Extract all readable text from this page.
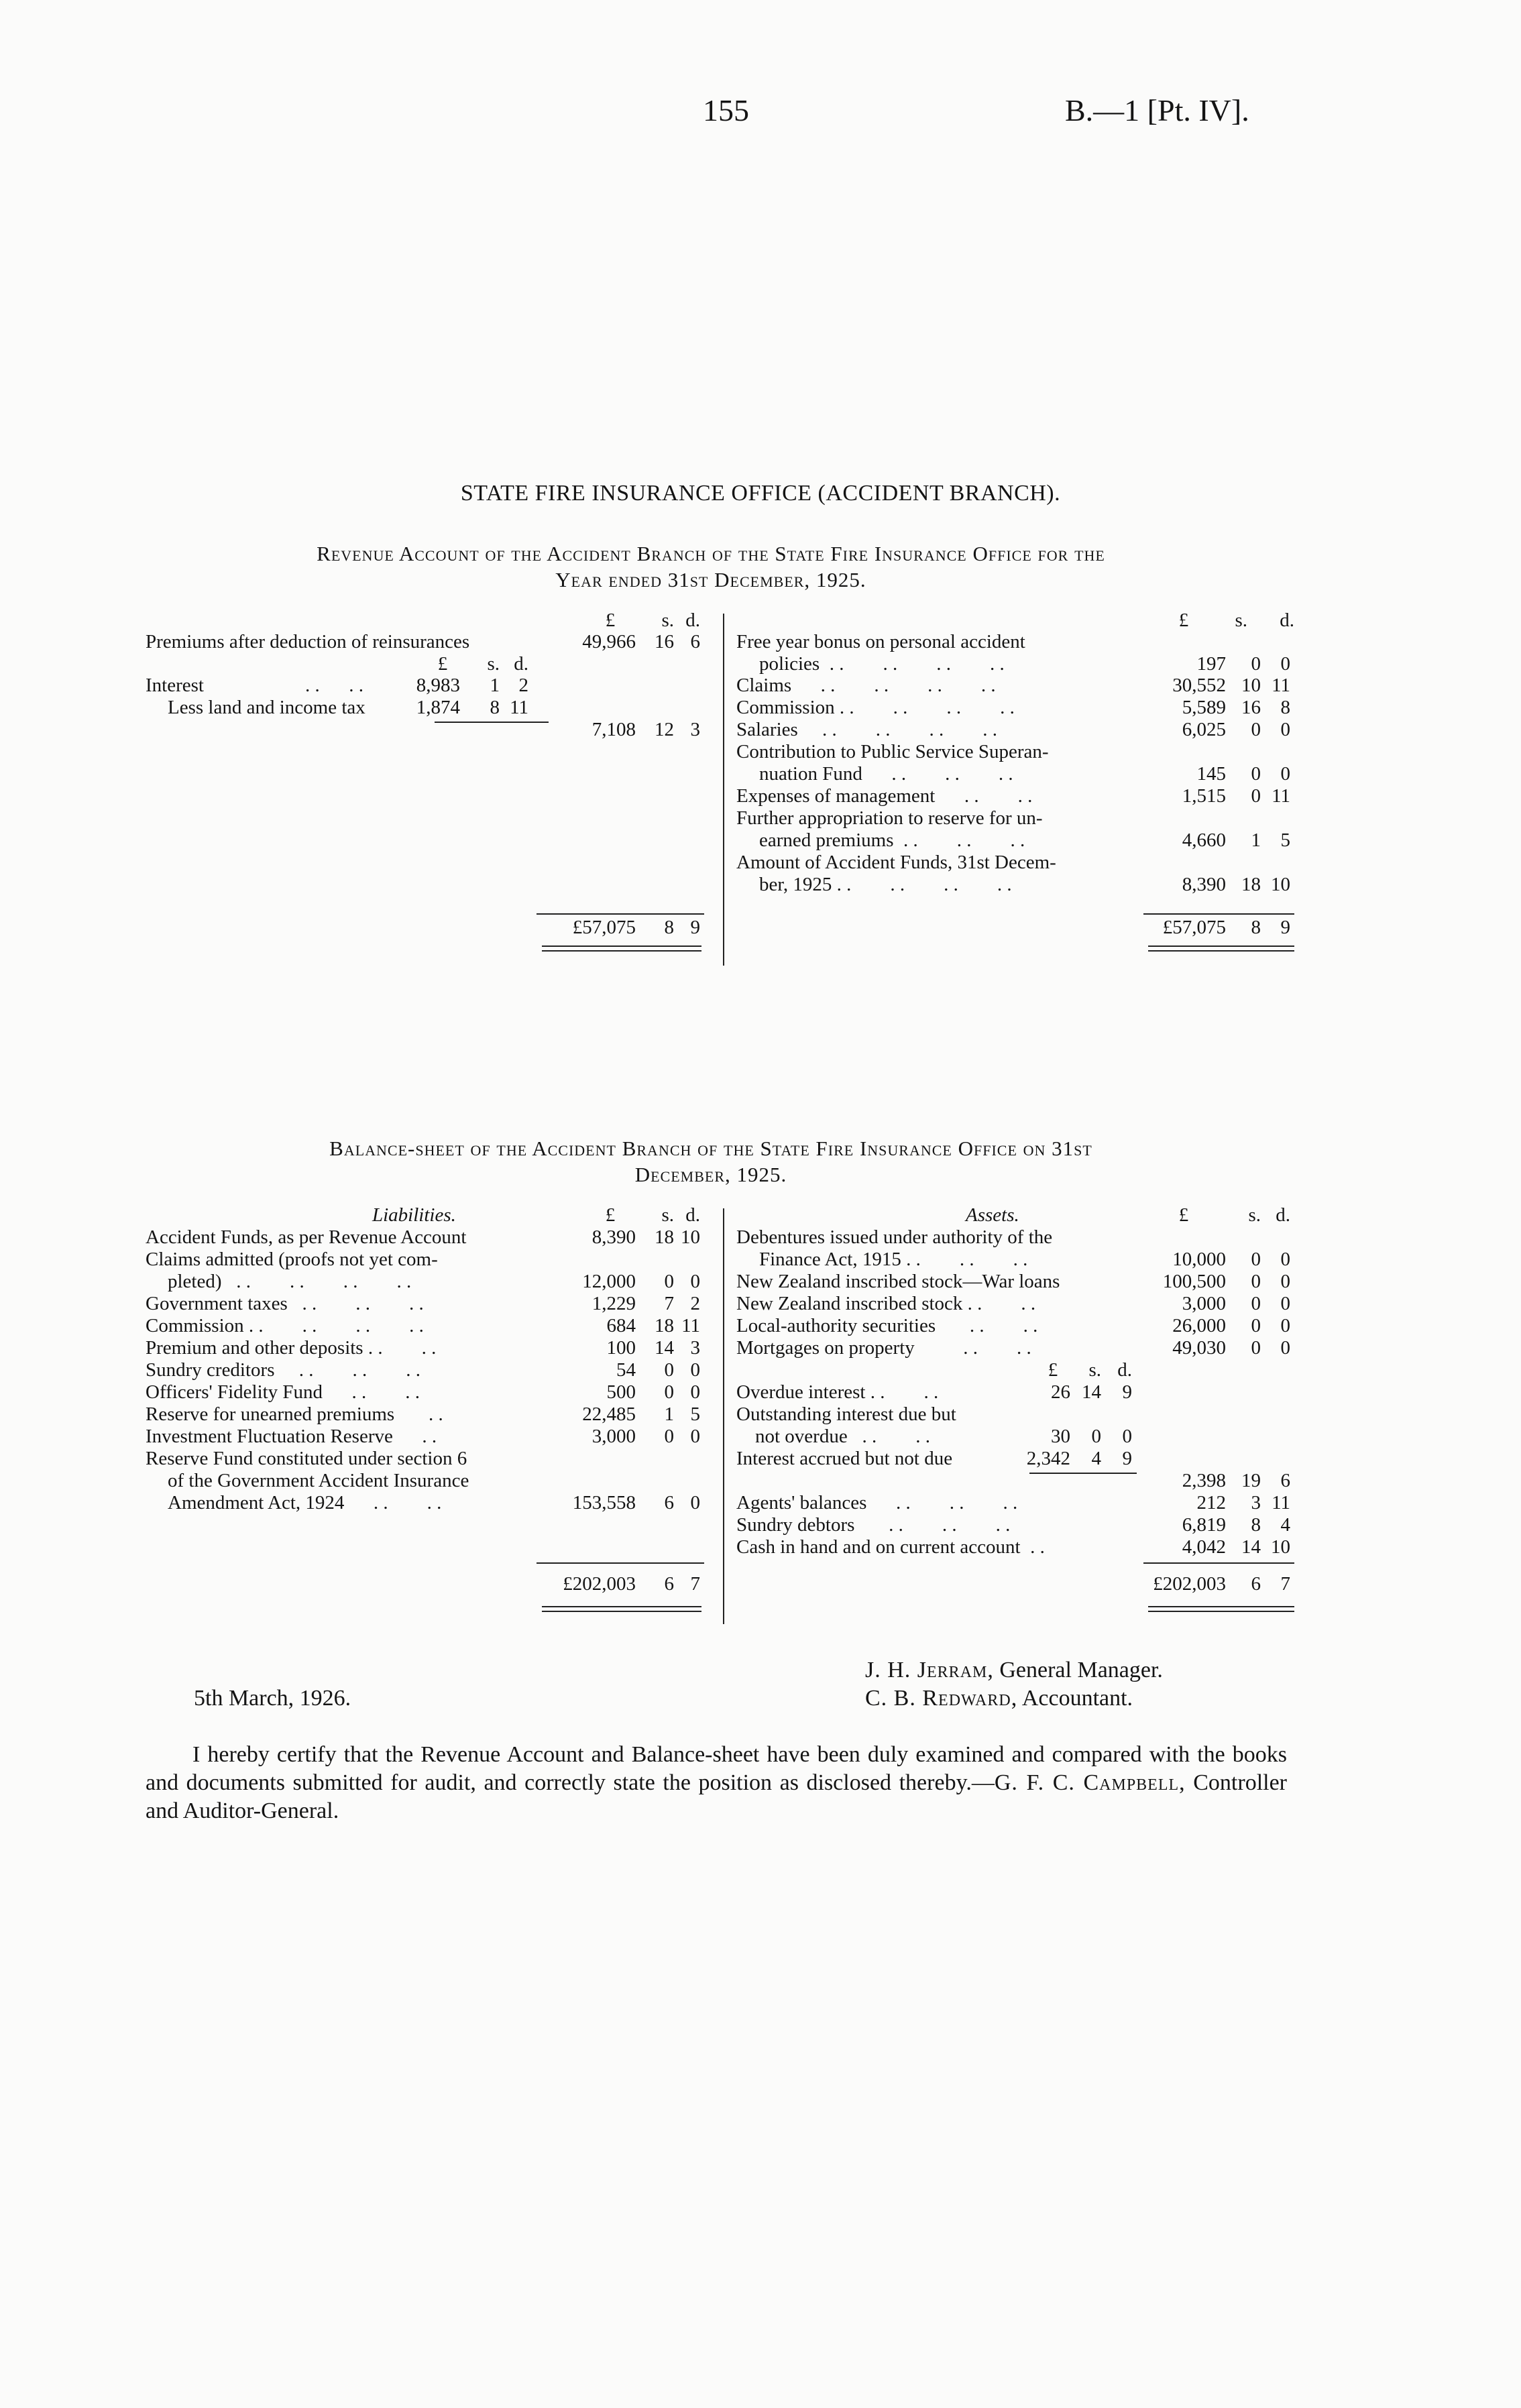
155	B.—1 [Pt. IV].
STATE FIRE INSURANCE OFFICE (ACCIDENT BRANCH).
Revenue Account of the Accident Branch of the State Fire Insurance Office for the
Year ended 31st December, 1925.
£	s. d.
Premiums after deduction of reinsurances	49,966 16 6
£	s. d.
Interest	. .      . .	8,983	1 2
Less land and income tax	1,874	8 11
7,108 12 3
£57,075	8 9
£	s.	d.
Free year bonus on personal accident
policies  . .        . .        . .        . .	197	0	0
Claims      . .        . .        . .        . .	30,552 10 11
Commission . .        . .        . .        . .	5,589 16	8
Salaries     . .        . .        . .        . .	6,025	0	0
Contribution to Public Service Superan-
nuation Fund      . .        . .        . .	145	0	0
Expenses of management      . .        . .	1,515	0 11
Further appropriation to reserve for un-
earned premiums  . .        . .        . .	4,660	1	5
Amount of Accident Funds, 31st Decem-
ber, 1925 . .        . .        . .        . .	8,390 18 10
£57,075	8	9
Balance-sheet of the Accident Branch of the State Fire Insurance Office on 31st
December, 1925.
Liabilities.	£	s. d.
Accident Funds, as per Revenue Account	8,390 18 10
Claims admitted (proofs not yet com-
pleted)   . .        . .        . .        . .	12,000	0 0
Government taxes   . .        . .        . .	1,229	7 2
Commission . .        . .        . .        . .	684 18 11
Premium and other deposits . .        . .	100 14 3
Sundry creditors     . .        . .        . .	54	0 0
Officers' Fidelity Fund      . .        . .	500	0 0
Reserve for unearned premiums       . .	22,485	1 5
Investment Fluctuation Reserve      . .	3,000	0 0
Reserve Fund constituted under section 6
of the Government Accident Insurance
Amendment Act, 1924      . .        . .	153,558	6 0
£202,003	6 7
Assets.	£	s. d.
Debentures issued under authority of the
Finance Act, 1915 . .        . .        . .	10,000	0	0
New Zealand inscribed stock—War loans	100,500	0	0
New Zealand inscribed stock . .        . .	3,000	0	0
Local-authority securities       . .        . .	26,000	0	0
Mortgages on property          . .        . .	49,030	0	0
£	s. d.
Overdue interest . .        . .	26 14	9
Outstanding interest due but
not overdue   . .        . .	30	0	0
Interest accrued but not due	2,342	4	9
2,398 19	6
Agents' balances      . .        . .        . .	212	3 11
Sundry debtors       . .        . .        . .	6,819	8	4
Cash in hand and on current account  . .	4,042 14 10
£202,003	6	7
J. H. Jerram, General Manager.
C. B. Redward, Accountant.
5th March, 1926.
I hereby certify that the Revenue Account and Balance-sheet have been duly examined and compared with the books and documents submitted for audit, and correctly state the position as disclosed thereby.—G. F. C. Campbell, Controller and Auditor-General.
